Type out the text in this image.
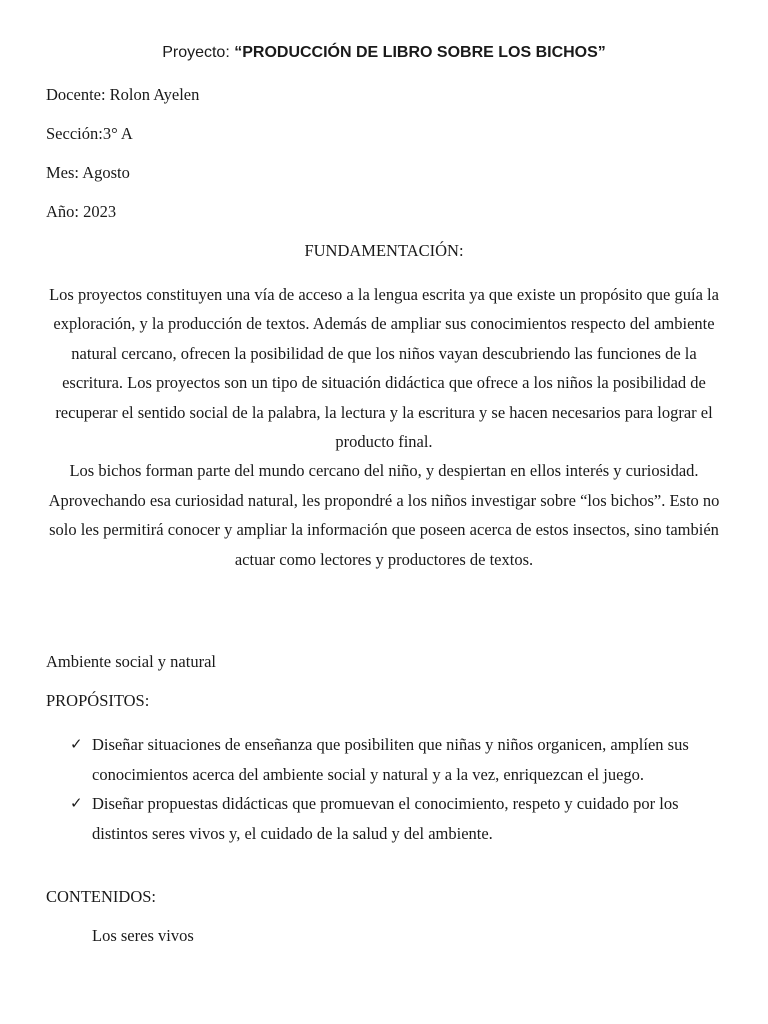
Proyecto: “PRODUCCIÓN DE LIBRO SOBRE LOS BICHOS”
Docente: Rolon Ayelen
Sección:3° A
Mes: Agosto
Año: 2023
FUNDAMENTACIÓN:

Los proyectos constituyen una vía de acceso a la lengua escrita ya que existe un propósito que guía la exploración, y la producción de textos. Además de ampliar sus conocimientos respecto del ambiente natural cercano, ofrecen la posibilidad de que los niños vayan descubriendo las funciones de la escritura. Los proyectos son un tipo de situación didáctica que ofrece a los niños la posibilidad de recuperar el sentido social de la palabra, la lectura y la escritura y se hacen necesarios para lograr el producto final.

Los bichos forman parte del mundo cercano del niño, y despiertan en ellos interés y curiosidad.

Aprovechando esa curiosidad natural, les propondré a los niños investigar sobre “los bichos”. Esto no solo les permitirá conocer y ampliar la información que poseen acerca de estos insectos, sino también actuar como lectores y productores de textos.

Ambiente social y natural
PROPÓSITOS:
✓ Diseñar situaciones de enseñanza que posibiliten que niñas y niños organicen, amplíen sus conocimientos acerca del ambiente social y natural y a la vez, enriquezcan el juego.
✓ Diseñar propuestas didácticas que promuevan el conocimiento, respeto y cuidado por los distintos seres vivos y, el cuidado de la salud y del ambiente.
CONTENIDOS:
Los seres vivos
